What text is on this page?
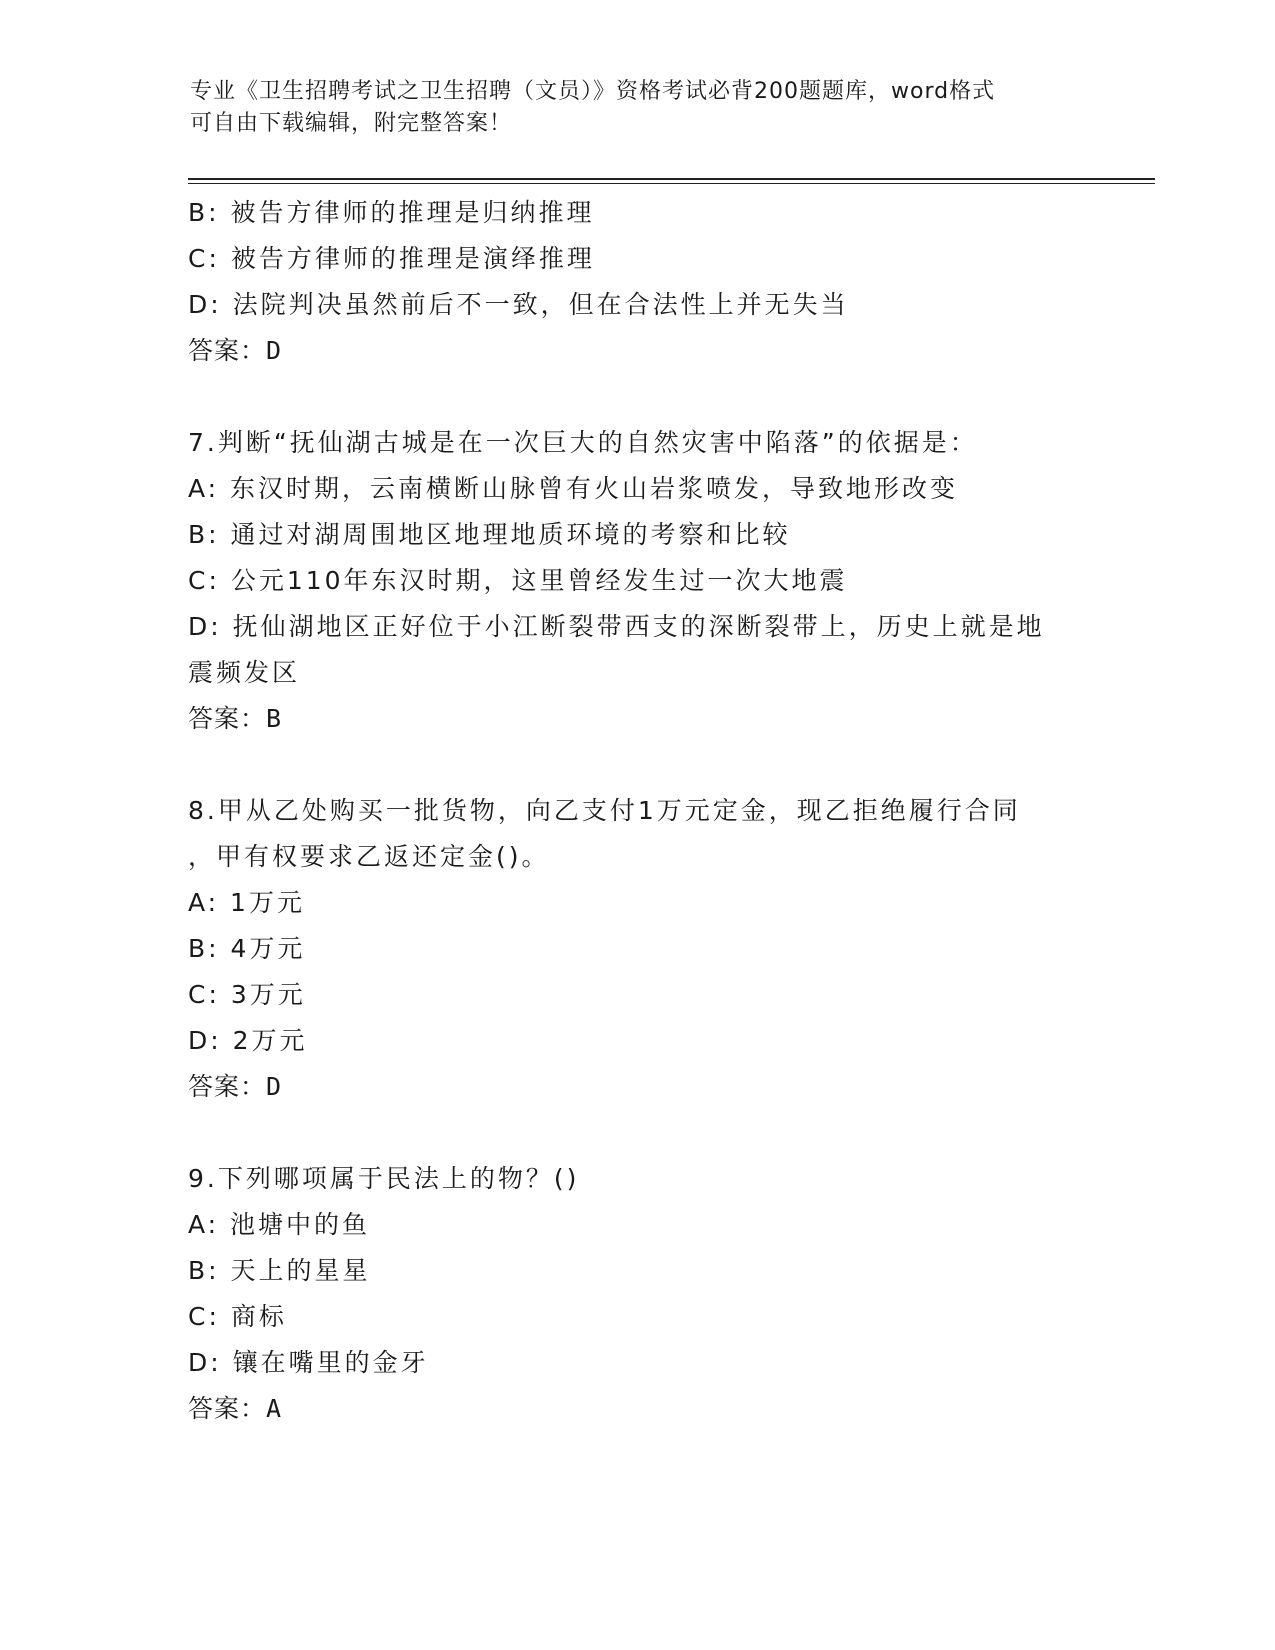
专业《卫生招聘考试之卫生招聘（文员）》资格考试必背200题题库，word格式
可自由下载编辑，附完整答案！
B: 被告方律师的推理是归纳推理
C: 被告方律师的推理是演绎推理
D: 法院判决虽然前后不一致，但在合法性上并无失当
答案：D
7.判断“抚仙湖古城是在一次巨大的自然灾害中陷落”的依据是：
A: 东汉时期，云南横断山脉曾有火山岩浆喷发，导致地形改变
B: 通过对湖周围地区地理地质环境的考察和比较
C: 公元110年东汉时期，这里曾经发生过一次大地震
D: 抚仙湖地区正好位于小江断裂带西支的深断裂带上，历史上就是地
震频发区
答案：B
8.甲从乙处购买一批货物，向乙支付1万元定金，现乙拒绝履行合同
，甲有权要求乙返还定金()。
A: 1万元
B: 4万元
C: 3万元
D: 2万元
答案：D
9.下列哪项属于民法上的物？()
A: 池塘中的鱼
B: 天上的星星
C: 商标
D: 镶在嘴里的金牙
答案：A
